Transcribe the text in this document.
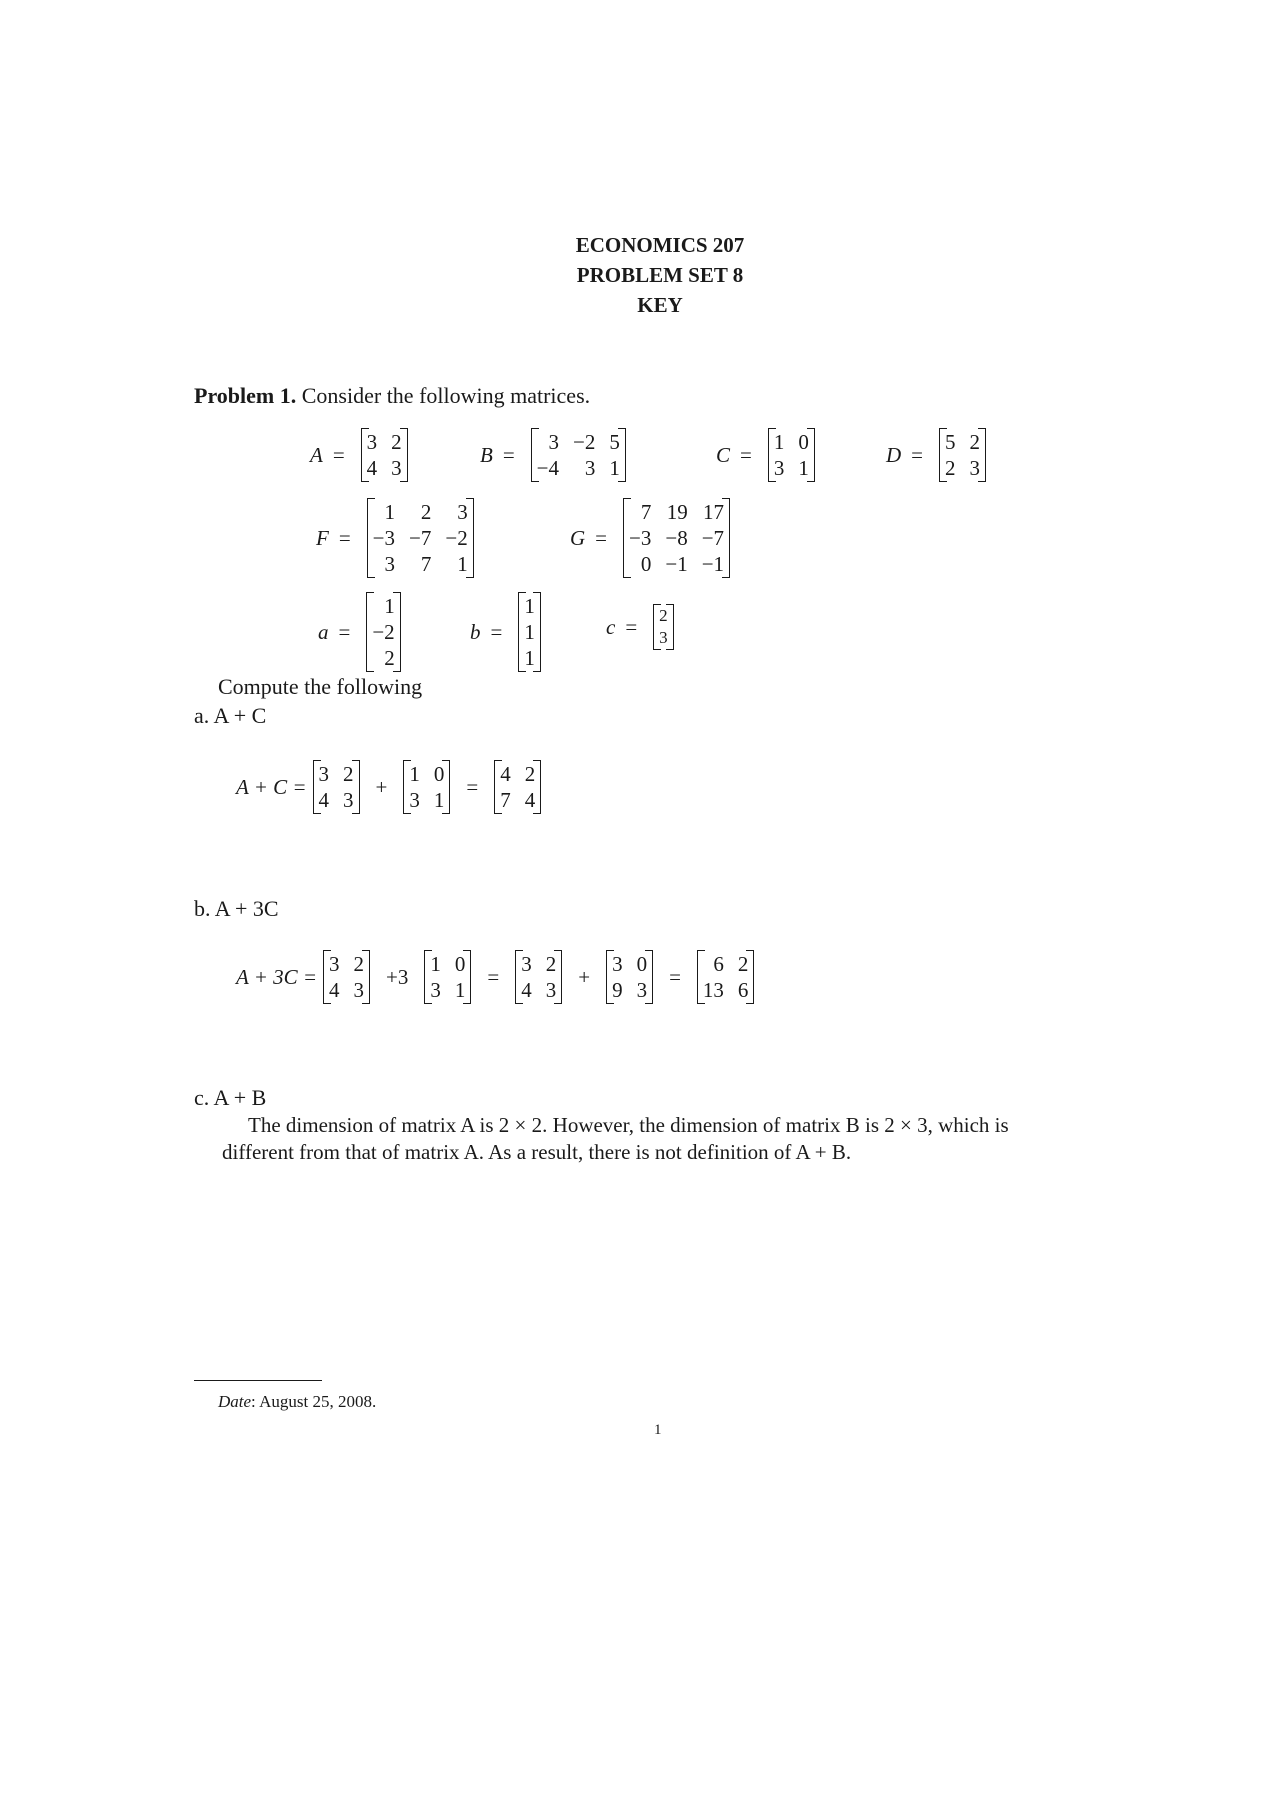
ECONOMICS 207
PROBLEM SET 8
KEY
Problem 1. Consider the following matrices.
A =
3 2
4 3
B =
3 −2 5
−4	3 1
C =
1 0
3 1
D =
5 2
2 3
F =
1	2	3
−3 −7 −2
3	7	1
G =
7 19 17
−3 −8 −7
0 −1 −1
a =
1
−2
2
b =
1
1
1
c = 2
3
Compute the following
a. A + C
A + C =
3 2
4 3
+
1 0
3 1
=
4 2
7 4
b. A + 3C
A + 3C =
3 2
4 3
+3
1 0
3 1
=
3 2
4 3
+
3 0
9 3
=
6 2
13 6
c. A + B
The dimension of matrix A is 2 × 2. However, the dimension of matrix B is 2 × 3, which is
different from that of matrix A. As a result, there is not definition of A + B.
Date: August 25, 2008.
1
